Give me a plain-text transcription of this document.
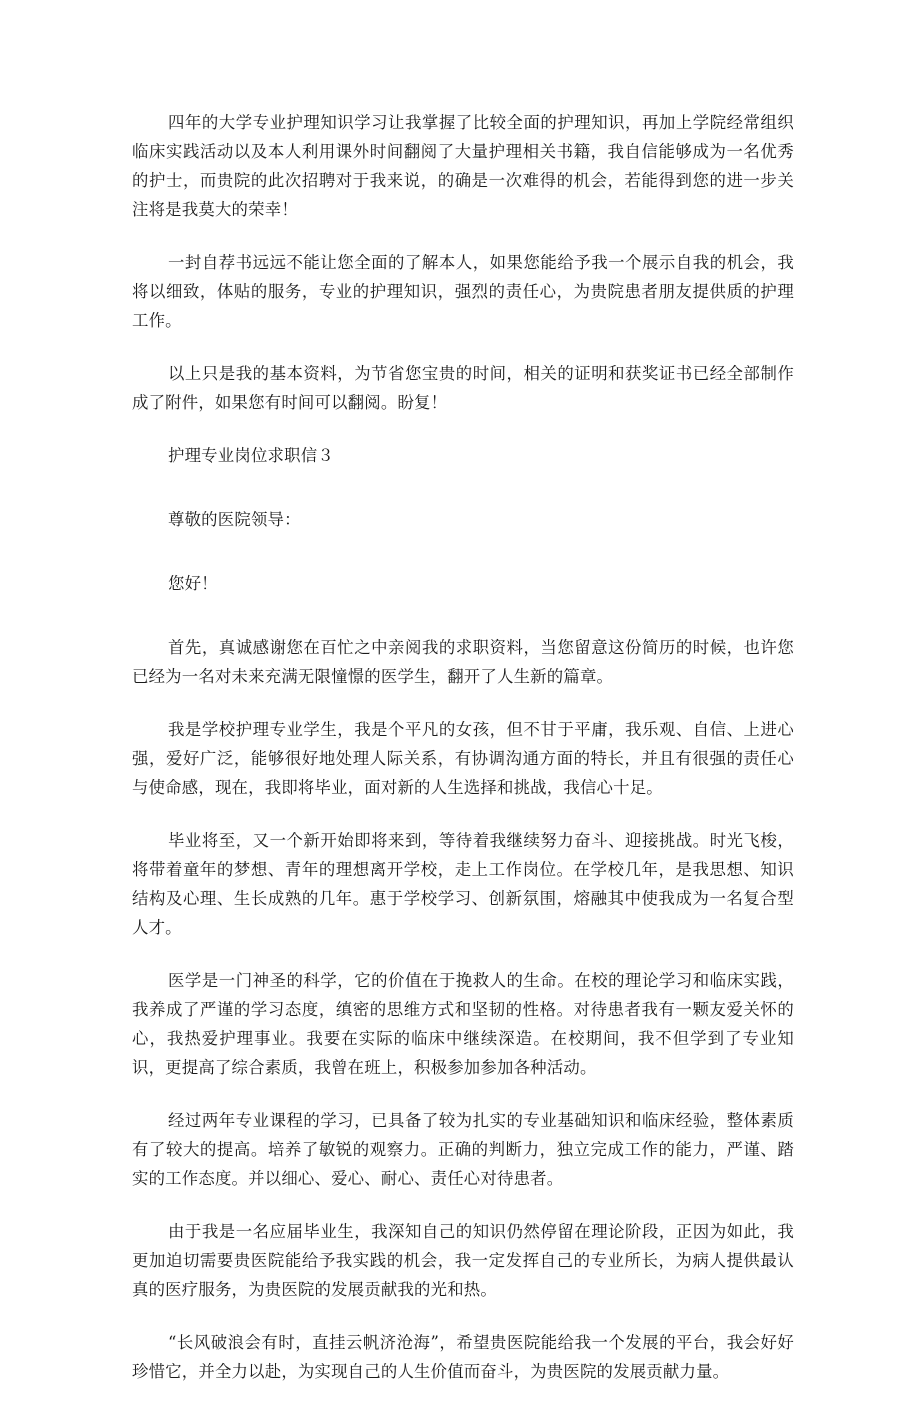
四年的大学专业护理知识学习让我掌握了比较全面的护理知识，再加上学院经常组织临床实践活动以及本人利用课外时间翻阅了大量护理相关书籍，我自信能够成为一名优秀的护士，而贵院的此次招聘对于我来说，的确是一次难得的机会，若能得到您的进一步关注将是我莫大的荣幸！

一封自荐书远远不能让您全面的了解本人，如果您能给予我一个展示自我的机会，我将以细致，体贴的服务，专业的护理知识，强烈的责任心，为贵院患者朋友提供质的护理工作。

以上只是我的基本资料，为节省您宝贵的时间，相关的证明和获奖证书已经全部制作成了附件，如果您有时间可以翻阅。盼复！

护理专业岗位求职信３

尊敬的医院领导：

您好！

首先，真诚感谢您在百忙之中亲阅我的求职资料，当您留意这份简历的时候，也许您已经为一名对未来充满无限憧憬的医学生，翻开了人生新的篇章。

我是学校护理专业学生，我是个平凡的女孩，但不甘于平庸，我乐观、自信、上进心强，爱好广泛，能够很好地处理人际关系，有协调沟通方面的特长，并且有很强的责任心与使命感，现在，我即将毕业，面对新的人生选择和挑战，我信心十足。

毕业将至，又一个新开始即将来到，等待着我继续努力奋斗、迎接挑战。时光飞梭，将带着童年的梦想、青年的理想离开学校，走上工作岗位。在学校几年，是我思想、知识结构及心理、生长成熟的几年。惠于学校学习、创新氛围，熔融其中使我成为一名复合型人才。

医学是一门神圣的科学，它的价值在于挽救人的生命。在校的理论学习和临床实践，我养成了严谨的学习态度，缜密的思维方式和坚韧的性格。对待患者我有一颗友爱关怀的心，我热爱护理事业。我要在实际的临床中继续深造。在校期间，我不但学到了专业知识，更提高了综合素质，我曾在班上，积极参加参加各种活动。

经过两年专业课程的学习，已具备了较为扎实的专业基础知识和临床经验，整体素质有了较大的提高。培养了敏锐的观察力。正确的判断力，独立完成工作的能力，严谨、踏实的工作态度。并以细心、爱心、耐心、责任心对待患者。

由于我是一名应届毕业生，我深知自己的知识仍然停留在理论阶段，正因为如此，我更加迫切需要贵医院能给予我实践的机会，我一定发挥自己的专业所长，为病人提供最认真的医疗服务，为贵医院的发展贡献我的光和热。

“长风破浪会有时，直挂云帆济沧海”，希望贵医院能给我一个发展的平台，我会好好珍惜它，并全力以赴，为实现自己的人生价值而奋斗，为贵医院的发展贡献力量。
